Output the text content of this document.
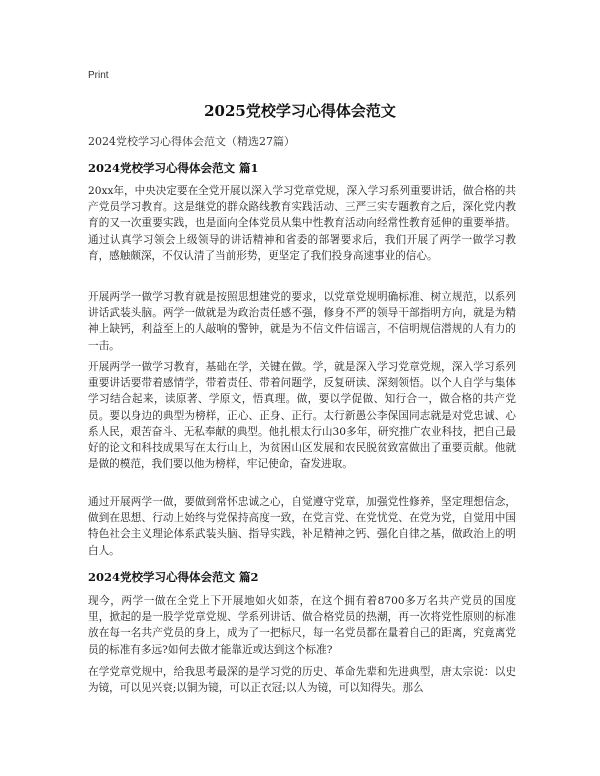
Print
2025党校学习心得体会范文
2024党校学习心得体会范文（精选27篇）
2024党校学习心得体会范文 篇1

20xx年，中央决定要在全党开展以深入学习党章党规，深入学习系列重要讲话，做合格的共产党员学习教育。这是继党的群众路线教育实践活动、三严三实专题教育之后，深化党内教育的又一次重要实践，也是面向全体党员从集中性教育活动向经常性教育延伸的重要举措。通过认真学习领会上级领导的讲话精神和省委的部署要求后，我们开展了两学一做学习教育，感触颇深，不仅认清了当前形势，更坚定了我们投身高速事业的信心。

开展两学一做学习教育就是按照思想建党的要求，以党章党规明确标准、树立规范，以系列讲话武装头脑。两学一做就是为政治责任感不强，修身不严的领导干部指明方向，就是为精神上缺钙，利益至上的人敲响的警钟，就是为不信文件信谣言，不信明规信潜规的人有力的一击。

开展两学一做学习教育，基础在学，关键在做。学，就是深入学习党章党规，深入学习系列重要讲话要带着感情学，带着责任、带着问题学，反复研读、深刻领悟。以个人自学与集体学习结合起来，读原著、学原文，悟真理。做，要以学促做、知行合一，做合格的共产党员。要以身边的典型为榜样，正心、正身、正行。太行新愚公李保国同志就是对党忠诚、心系人民，艰苦奋斗、无私奉献的典型。他扎根太行山30多年，研究推广农业科技，把自己最好的论文和科技成果写在太行山上，为贫困山区发展和农民脱贫致富做出了重要贡献。他就是做的模范，我们要以他为榜样，牢记使命，奋发进取。

通过开展两学一做，要做到常怀忠诚之心，自觉遵守党章，加强党性修养，坚定理想信念，做到在思想、行动上始终与党保持高度一致，在党言党、在党忧党、在党为党，自觉用中国特色社会主义理论体系武装头脑、指导实践，补足精神之钙、强化自律之基，做政治上的明白人。

2024党校学习心得体会范文 篇2

现今，两学一做在全党上下开展地如火如荼，在这个拥有着8700多万名共产党员的国度里，掀起的是一股学党章党规、学系列讲话、做合格党员的热潮，再一次将党性原则的标准放在每一名共产党员的身上，成为了一把标尺，每一名党员都在量着自己的距离，究竟离党员的标准有多远?如何去做才能靠近或达到这个标准?

在学党章党规中，给我思考最深的是学习党的历史、革命先辈和先进典型，唐太宗说：以史为镜，可以见兴衰;以铜为镜，可以正衣冠;以人为镜，可以知得失。那么
